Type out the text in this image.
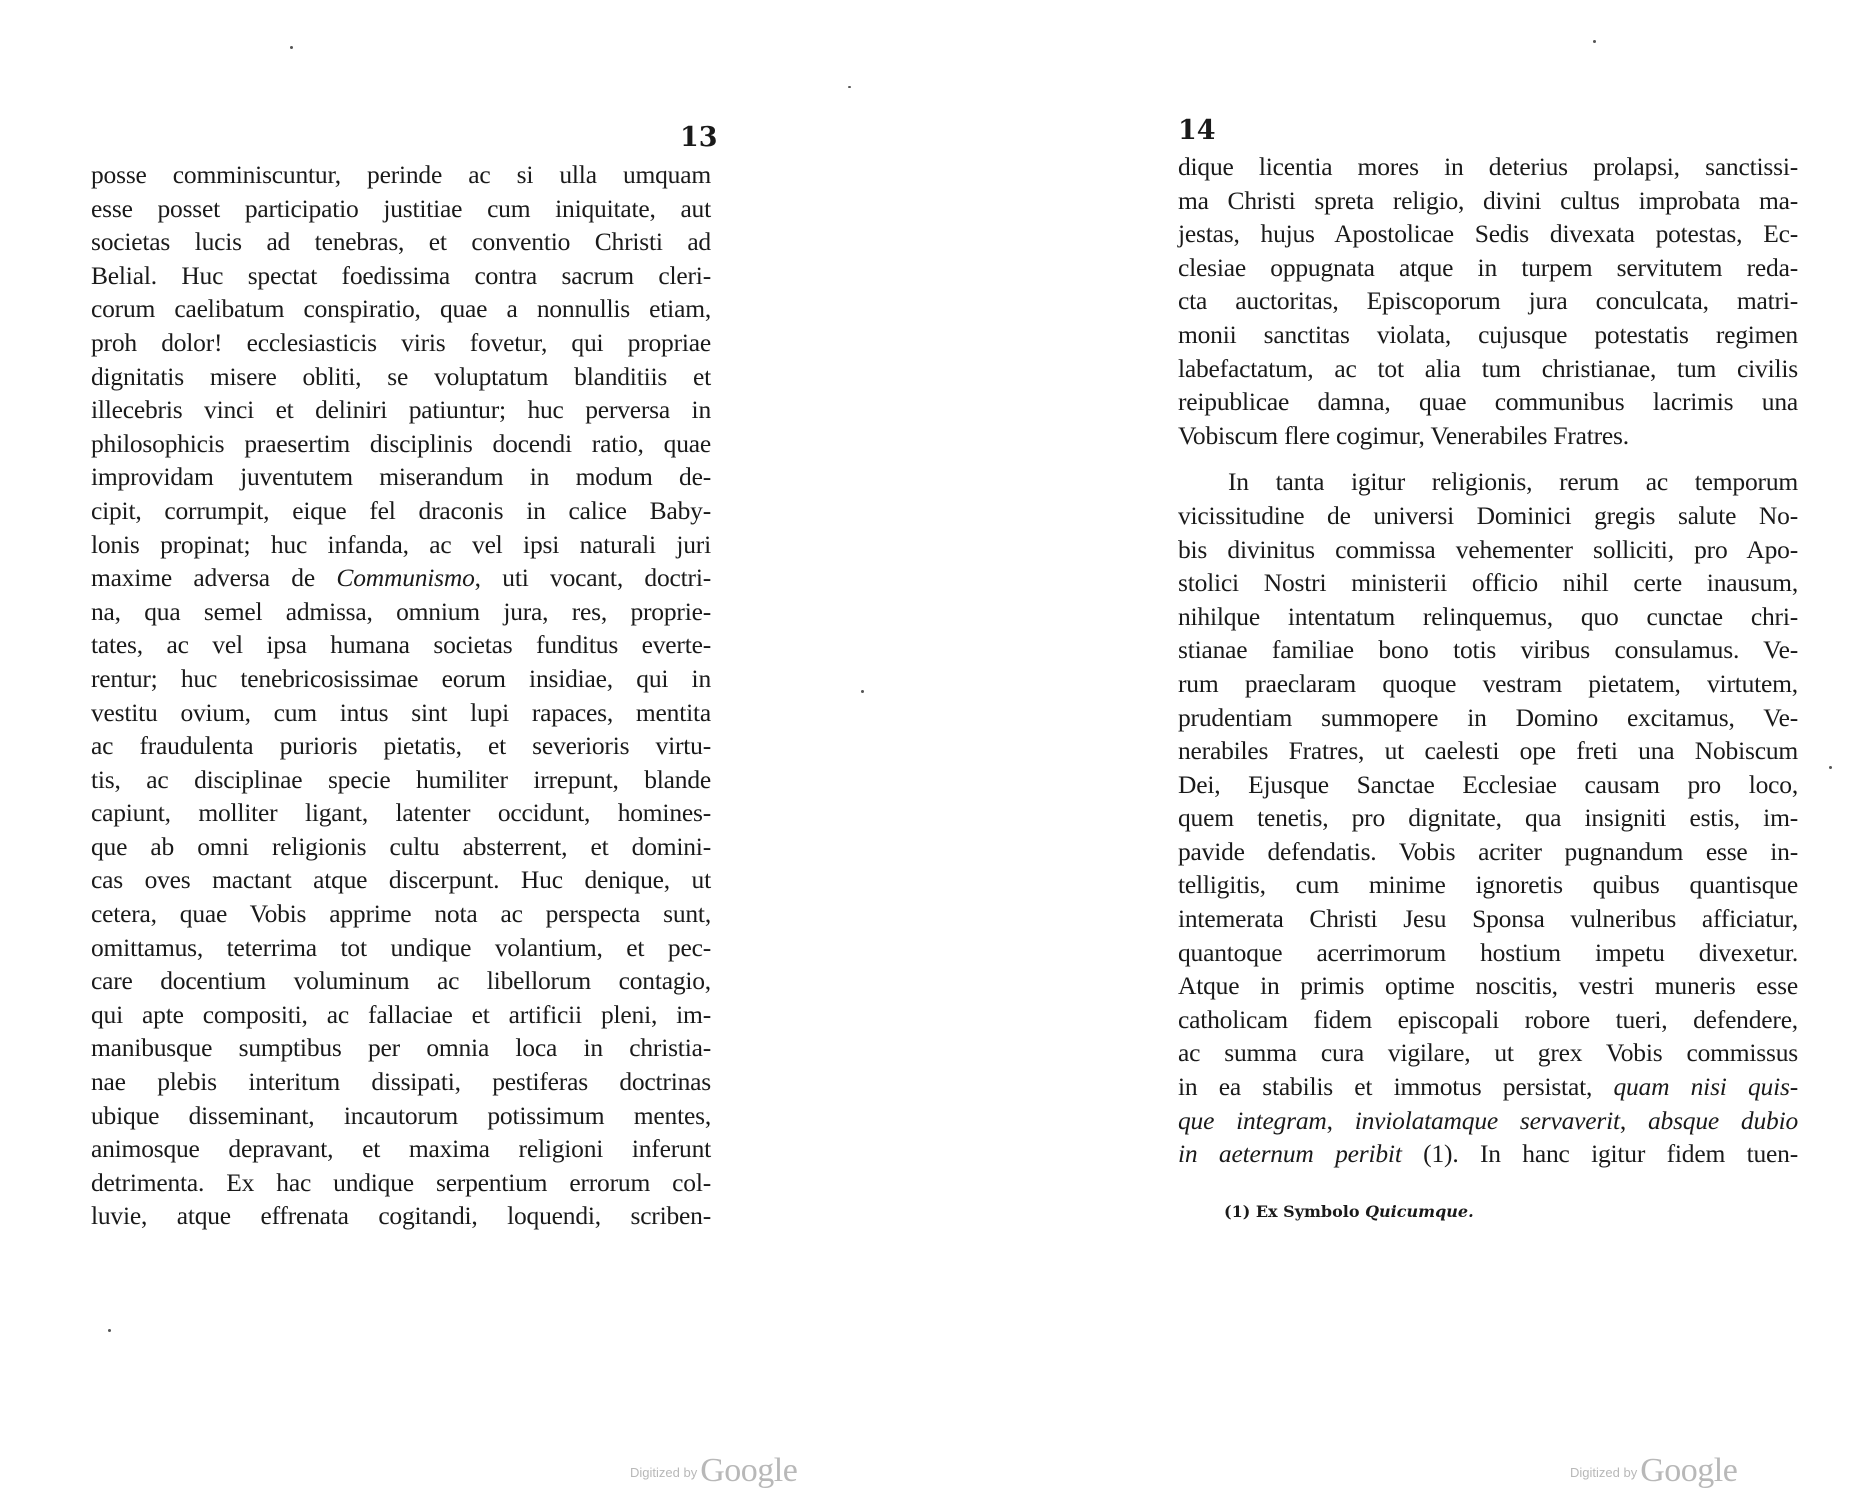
13
posse comminiscuntur, perinde ac si ulla umquam
esse posset participatio justitiae cum iniquitate, aut
societas lucis ad tenebras, et conventio Christi ad
Belial. Huc spectat foedissima contra sacrum cleri-
corum caelibatum conspiratio, quae a nonnullis etiam,
proh dolor! ecclesiasticis viris fovetur, qui propriae
dignitatis misere obliti, se voluptatum blanditiis et
illecebris vinci et deliniri patiuntur; huc perversa in
philosophicis praesertim disciplinis docendi ratio, quae
improvidam juventutem miserandum in modum de-
cipit, corrumpit, eique fel draconis in calice Baby-
lonis propinat; huc infanda, ac vel ipsi naturali juri
maxime adversa de Communismo, uti vocant, doctri-
na, qua semel admissa, omnium jura, res, proprie-
tates, ac vel ipsa humana societas funditus everte-
rentur; huc tenebricosissimae eorum insidiae, qui in
vestitu ovium, cum intus sint lupi rapaces, mentita
ac fraudulenta purioris pietatis, et severioris virtu-
tis, ac disciplinae specie humiliter irrepunt, blande
capiunt, molliter ligant, latenter occidunt, homines-
que ab omni religionis cultu absterrent, et domini-
cas oves mactant atque discerpunt. Huc denique, ut
cetera, quae Vobis apprime nota ac perspecta sunt,
omittamus, teterrima tot undique volantium, et pec-
care docentium voluminum ac libellorum contagio,
qui apte compositi, ac fallaciae et artificii pleni, im-
manibusque sumptibus per omnia loca in christia-
nae plebis interitum dissipati, pestiferas doctrinas
ubique disseminant, incautorum potissimum mentes,
animosque depravant, et maxima religioni inferunt
detrimenta. Ex hac undique serpentium errorum col-
luvie, atque effrenata cogitandi, loquendi, scriben-
$^{Digitized by}$Google
14
dique licentia mores in deterius prolapsi, sanctissi-
ma Christi spreta religio, divini cultus improbata ma-
jestas, hujus Apostolicae Sedis divexata potestas, Ec-
clesiae oppugnata atque in turpem servitutem reda-
cta auctoritas, Episcoporum jura conculcata, matri-
monii sanctitas violata, cujusque potestatis regimen
labefactatum, ac tot alia tum christianae, tum civilis
reipublicae damna, quae communibus lacrimis una
Vobiscum flere cogimur, Venerabiles Fratres.
In tanta igitur religionis, rerum ac temporum
vicissitudine de universi Dominici gregis salute No-
bis divinitus commissa vehementer solliciti, pro Apo-
stolici Nostri ministerii officio nihil certe inausum,
nihilque intentatum relinquemus, quo cunctae chri-
stianae familiae bono totis viribus consulamus. Ve-
rum praeclaram quoque vestram pietatem, virtutem,
prudentiam summopere in Domino excitamus, Ve-
nerabiles Fratres, ut caelesti ope freti una Nobiscum
Dei, Ejusque Sanctae Ecclesiae causam pro loco,
quem tenetis, pro dignitate, qua insigniti estis, im-
pavide defendatis. Vobis acriter pugnandum esse in-
telligitis, cum minime ignoretis quibus quantisque
intemerata Christi Jesu Sponsa vulneribus afficiatur,
quantoque acerrimorum hostium impetu divexetur.
Atque in primis optime noscitis, vestri muneris esse
catholicam fidem episcopali robore tueri, defendere,
ac summa cura vigilare, ut grex Vobis commissus
in ea stabilis et immotus persistat, quam nisi quis-
que integram, inviolatamque servaverit, absque dubio
in aeternum peribit (1). In hanc igitur fidem tuen-
(1) Ex Symbolo Quicumque.
$^{Digitized by}$Google
